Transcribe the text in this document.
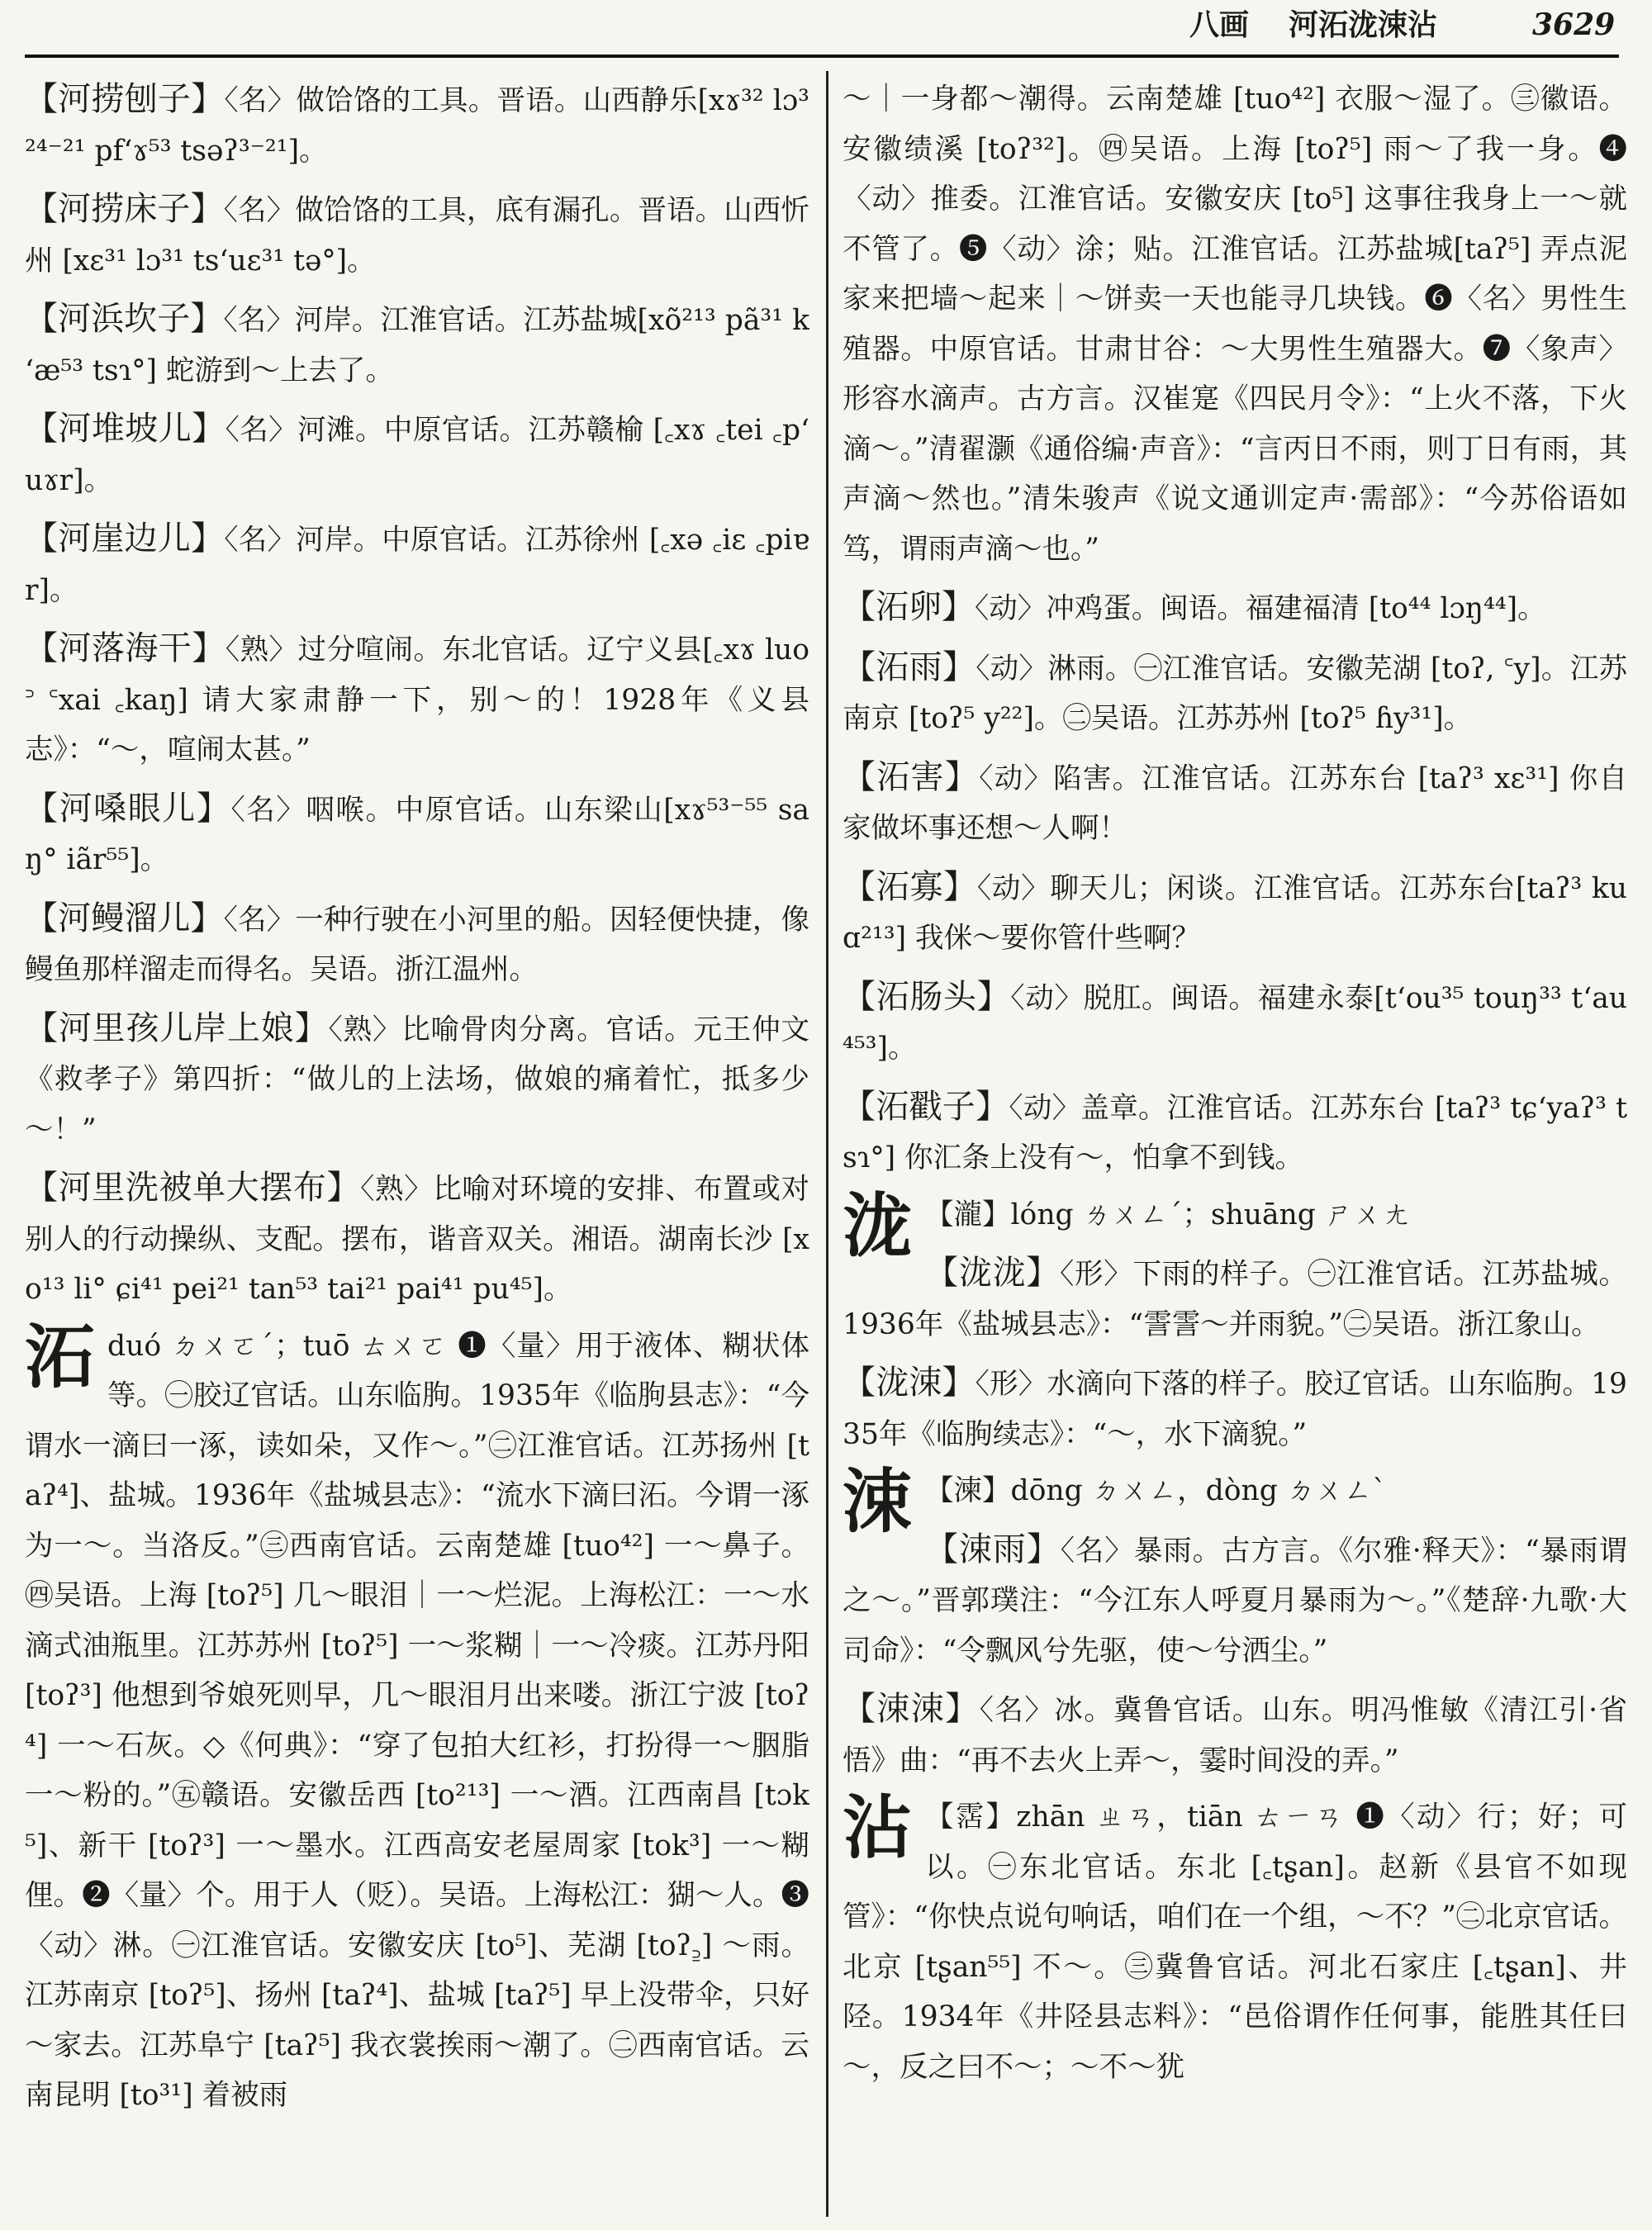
八画 河沰泷涑沾	3629

【河捞刨子】〈名〉做饸饹的工具。晋语。山西静乐[xɤ³² lɔ³²⁴⁻²¹ pfʻɤ⁵³ tsəʔ³⁻²¹]。

【河捞床子】〈名〉做饸饹的工具，底有漏孔。晋语。山西忻州 [xɛ³¹ lɔ³¹ tsʻuɛ³¹ tə°]。

【河浜坎子】〈名〉河岸。江淮官话。江苏盐城[xõ²¹³ pã³¹ kʻæ⁵³ tsɿ°] 蛇游到～上去了。

【河堆坡儿】〈名〉河滩。中原官话。江苏赣榆 [꜀xɤ ꜀tei ꜀pʻuɤr]。

【河崖边儿】〈名〉河岸。中原官话。江苏徐州 [꜀xə ꜀iɛ ꜀piɐr]。

【河落海干】〈熟〉过分喧闹。东北官话。辽宁义县[꜀xɤ luo꜄ ꜂xai ꜀kaŋ] 请大家肃静一下，别～的！1928年《义县志》：“～，喧闹太甚。”

【河嗓眼儿】〈名〉咽喉。中原官话。山东梁山[xɤ⁵³⁻⁵⁵ saŋ° iãr⁵⁵]。

【河鳗溜儿】〈名〉一种行驶在小河里的船。因轻便快捷，像鳗鱼那样溜走而得名。吴语。浙江温州。

【河里孩儿岸上娘】〈熟〉比喻骨肉分离。官话。元王仲文《救孝子》第四折：“做儿的上法场，做娘的痛着忙，抵多少～！”

【河里洗被单大摆布】〈熟〉比喻对环境的安排、布置或对别人的行动操纵、支配。摆布，谐音双关。湘语。湖南长沙 [xo¹³ li° ɕi⁴¹ pei²¹ tan⁵³ tai²¹ pai⁴¹ pu⁴⁵]。

沰duó ㄉㄨㄛˊ；tuō ㄊㄨㄛ ❶〈量〉用于液体、糊状体等。㊀胶辽官话。山东临朐。1935年《临朐县志》：“今谓水一滴曰一涿，读如朵，又作～。”㊁江淮官话。江苏扬州 [taʔ⁴]、盐城。1936年《盐城县志》：“流水下滴曰沰。今谓一涿为一～。当洛反。”㊂西南官话。云南楚雄 [tuo⁴²] 一～鼻子。㊃吴语。上海 [toʔ⁵] 几～眼泪｜一～烂泥。上海松江：一～水滴式油瓶里。江苏苏州 [toʔ⁵] 一～浆糊｜一～冷痰。江苏丹阳 [toʔ³] 他想到爷娘死则早，几～眼泪月出来喽。浙江宁波 [toʔ⁴] 一～石灰。◇《何典》：“穿了包拍大红衫，打扮得一～胭脂一～粉的。”㊄赣语。安徽岳西 [to²¹³] 一～酒。江西南昌 [tɔk⁵]、新干 [toʔ³] 一～墨水。江西高安老屋周家 [tok³] 一～糊俚。❷〈量〉个。用于人（贬）。吴语。上海松江：猢～人。❸〈动〉淋。㊀江淮官话。安徽安庆 [to⁵]、芜湖 [toʔ꜇] ～雨。江苏南京 [toʔ⁵]、扬州 [taʔ⁴]、盐城 [taʔ⁵] 早上没带伞，只好～家去。江苏阜宁 [taʔ⁵] 我衣裳挨雨～潮了。㊁西南官话。云南昆明 [to³¹] 着被雨

～｜一身都～潮得。云南楚雄 [tuo⁴²] 衣服～湿了。㊂徽语。安徽绩溪 [toʔ³²]。㊃吴语。上海 [toʔ⁵] 雨～了我一身。❹〈动〉推委。江淮官话。安徽安庆 [to⁵] 这事往我身上一～就不管了。❺〈动〉涂；贴。江淮官话。江苏盐城[taʔ⁵] 弄点泥家来把墙～起来｜～饼卖一天也能寻几块钱。❻〈名〉男性生殖器。中原官话。甘肃甘谷：～大男性生殖器大。❼〈象声〉形容水滴声。古方言。汉崔寔《四民月令》：“上火不落，下火滴～。”清翟灏《通俗编·声音》：“言丙日不雨，则丁日有雨，其声滴～然也。”清朱骏声《说文通训定声·需部》：“今苏俗语如笃，谓雨声滴～也。”

【沰卵】〈动〉冲鸡蛋。闽语。福建福清 [to⁴⁴ lɔŋ⁴⁴]。

【沰雨】〈动〉淋雨。㊀江淮官话。安徽芜湖 [toʔ, ꜂y]。江苏南京 [toʔ⁵ y²²]。㊁吴语。江苏苏州 [toʔ⁵ ɦy³¹]。

【沰害】〈动〉陷害。江淮官话。江苏东台 [taʔ³ xɛ³¹] 你自家做坏事还想～人啊！

【沰寡】〈动〉聊天儿；闲谈。江淮官话。江苏东台[taʔ³ kuɑ²¹³] 我侎～要你管什些啊？

【沰肠头】〈动〉脱肛。闽语。福建永泰[tʻou³⁵ touŋ³³ tʻau⁴⁵³]。

【沰戳子】〈动〉盖章。江淮官话。江苏东台 [taʔ³ tɕʻyaʔ³ tsɿ°] 你汇条上没有～，怕拿不到钱。

泷 【瀧】lóng ㄌㄨㄥˊ；shuāng ㄕㄨㄤ

【泷泷】〈形〉下雨的样子。㊀江淮官话。江苏盐城。1936年《盐城县志》：“霅霅～并雨貌。”㊁吴语。浙江象山。

【泷涑】〈形〉水滴向下落的样子。胶辽官话。山东临朐。1935年《临朐续志》：“～，水下滴貌。”

涑 【湅】dōng ㄉㄨㄥ，dòng ㄉㄨㄥˋ

【涑雨】〈名〉暴雨。古方言。《尔雅·释天》：“暴雨谓之～。”晋郭璞注：“今江东人呼夏月暴雨为～。”《楚辞·九歌·大司命》：“令飘风兮先驱，使～兮洒尘。”

【涑涑】〈名〉冰。冀鲁官话。山东。明冯惟敏《清江引·省悟》曲：“再不去火上弄～，霎时间没的弄。”

沾 【霑】zhān ㄓㄢ，tiān ㄊㄧㄢ ❶〈动〉行；好；可以。㊀东北官话。东北 [꜀tʂan]。赵新《县官不如现管》：“你快点说句响话，咱们在一个组，～不？”㊁北京官话。北京 [tʂan⁵⁵] 不～。㊂冀鲁官话。河北石家庄 [꜀tʂan]、井陉。1934年《井陉县志料》：“邑俗谓作任何事，能胜其任曰～，反之曰不～；～不～犹
